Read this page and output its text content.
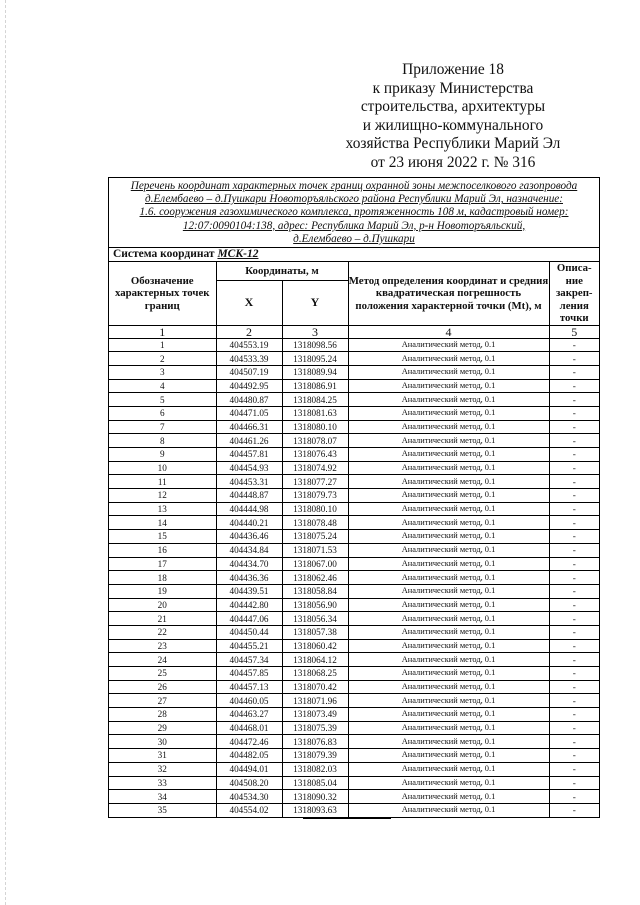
Приложение 18
к приказу Министерства
строительства, архитектуры
и жилищно-коммунального
хозяйства Республики Марий Эл
от 23 июня 2022 г. № 316
Перечень координат характерных точек границ охранной зоны межпоселкового газопровода
д.Елембаево – д.Пушкари Новоторъяльского района Республики Марий Эл, назначение:
1.6. сооружения газохимического комплекса, протяженность 108 м, кадастровый номер:
12:07:0090104:138, адрес: Республика Марий Эл, р-н Новоторъяльский,
д.Елембаево – д.Пушкари
Система координат МСК-12
Обозначение характерных точек границ	Координаты, м		Метод определения координат и средния квадратическая погрешность положения характерной точки (Mt), м	Описа-ние закреп-ления точки
	X	Y		
1	2	3	4	5
1	404553.19	1318098.56	Аналитический метод, 0.1	-
2	404533.39	1318095.24	Аналитический метод, 0.1	-
3	404507.19	1318089.94	Аналитический метод, 0.1	-
4	404492.95	1318086.91	Аналитический метод, 0.1	-
5	404480.87	1318084.25	Аналитический метод, 0.1	-
6	404471.05	1318081.63	Аналитический метод, 0.1	-
7	404466.31	1318080.10	Аналитический метод, 0.1	-
8	404461.26	1318078.07	Аналитический метод, 0.1	-
9	404457.81	1318076.43	Аналитический метод, 0.1	-
10	404454.93	1318074.92	Аналитический метод, 0.1	-
11	404453.31	1318077.27	Аналитический метод, 0.1	-
12	404448.87	1318079.73	Аналитический метод, 0.1	-
13	404444.98	1318080.10	Аналитический метод, 0.1	-
14	404440.21	1318078.48	Аналитический метод, 0.1	-
15	404436.46	1318075.24	Аналитический метод, 0.1	-
16	404434.84	1318071.53	Аналитический метод, 0.1	-
17	404434.70	1318067.00	Аналитический метод, 0.1	-
18	404436.36	1318062.46	Аналитический метод, 0.1	-
19	404439.51	1318058.84	Аналитический метод, 0.1	-
20	404442.80	1318056.90	Аналитический метод, 0.1	-
21	404447.06	1318056.34	Аналитический метод, 0.1	-
22	404450.44	1318057.38	Аналитический метод, 0.1	-
23	404455.21	1318060.42	Аналитический метод, 0.1	-
24	404457.34	1318064.12	Аналитический метод, 0.1	-
25	404457.85	1318068.25	Аналитический метод, 0.1	-
26	404457.13	1318070.42	Аналитический метод, 0.1	-
27	404460.05	1318071.96	Аналитический метод, 0.1	-
28	404463.27	1318073.49	Аналитический метод, 0.1	-
29	404468.01	1318075.39	Аналитический метод, 0.1	-
30	404472.46	1318076.83	Аналитический метод, 0.1	-
31	404482.05	1318079.39	Аналитический метод, 0.1	-
32	404494.01	1318082.03	Аналитический метод, 0.1	-
33	404508.20	1318085.04	Аналитический метод, 0.1	-
34	404534.30	1318090.32	Аналитический метод, 0.1	-
35	404554.02	1318093.63	Аналитический метод, 0.1	-
